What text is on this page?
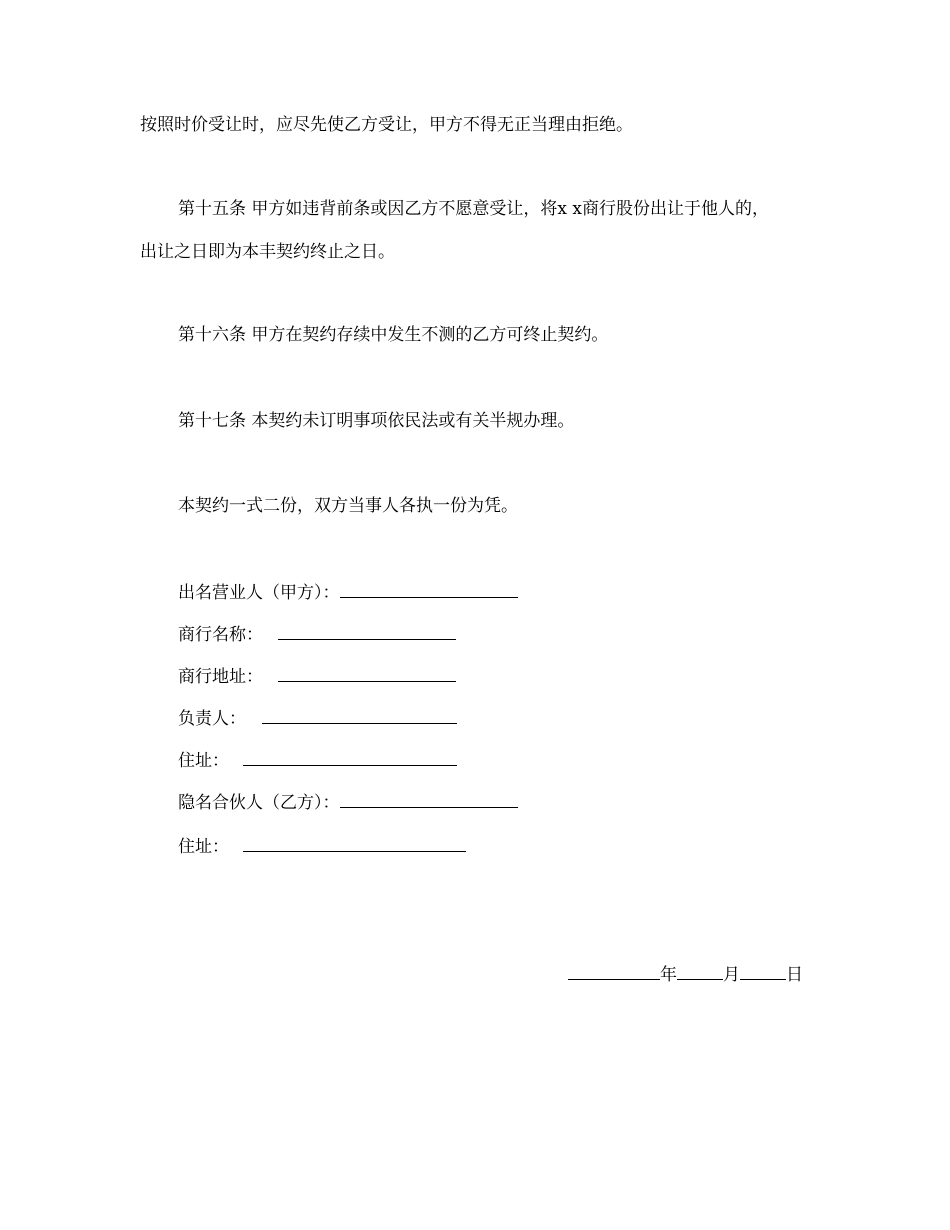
按照时价受让时，应尽先使乙方受让，甲方不得无正当理由拒绝。
第十五条 甲方如违背前条或因乙方不愿意受让，将x x商行股份出让于他人的，
出让之日即为本丰契约终止之日。
第十六条 甲方在契约存续中发生不测的乙方可终止契约。
第十七条 本契约未订明事项依民法或有关半规办理。
本契约一式二份，双方当事人各执一份为凭。
出名营业人（甲方）：
商行名称：
商行地址：
负责人：
住址：
隐名合伙人（乙方）：
住址：
年	月	日
